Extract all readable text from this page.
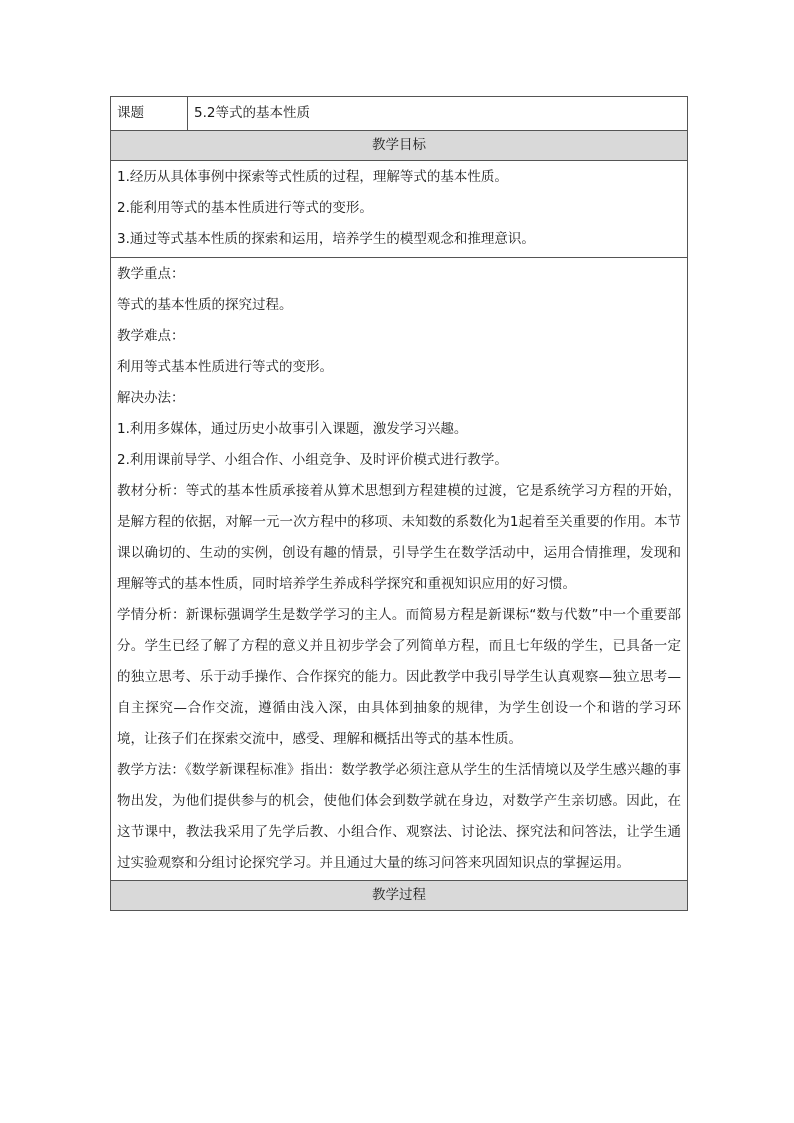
课题	5.2等式的基本性质
教学目标

1.经历从具体事例中探索等式性质的过程，理解等式的基本性质。

2.能利用等式的基本性质进行等式的变形。

3.通过等式基本性质的探索和运用，培养学生的模型观念和推理意识。

教学重点：

等式的基本性质的探究过程。

教学难点：

利用等式基本性质进行等式的变形。

解决办法：

1.利用多媒体，通过历史小故事引入课题，激发学习兴趣。

2.利用课前导学、小组合作、小组竞争、及时评价模式进行教学。

教材分析：等式的基本性质承接着从算术思想到方程建模的过渡，它是系统学习方程的开始，是解方程的依据，对解一元一次方程中的移项、未知数的系数化为1起着至关重要的作用。本节课以确切的、生动的实例，创设有趣的情景，引导学生在数学活动中，运用合情推理，发现和理解等式的基本性质，同时培养学生养成科学探究和重视知识应用的好习惯。

学情分析：新课标强调学生是数学学习的主人。而简易方程是新课标“数与代数”中一个重要部分。学生已经了解了方程的意义并且初步学会了列简单方程，而且七年级的学生，已具备一定的独立思考、乐于动手操作、合作探究的能力。因此教学中我引导学生认真观察—独立思考—自主探究—合作交流，遵循由浅入深，由具体到抽象的规律，为学生创设一个和谐的学习环境，让孩子们在探索交流中，感受、理解和概括出等式的基本性质。

教学方法：《数学新课程标准》指出：数学教学必须注意从学生的生活情境以及学生感兴趣的事物出发，为他们提供参与的机会，使他们体会到数学就在身边，对数学产生亲切感。因此，在这节课中，教法我采用了先学后教、小组合作、观察法、讨论法、探究法和问答法，让学生通过实验观察和分组讨论探究学习。并且通过大量的练习问答来巩固知识点的掌握运用。

教学过程
